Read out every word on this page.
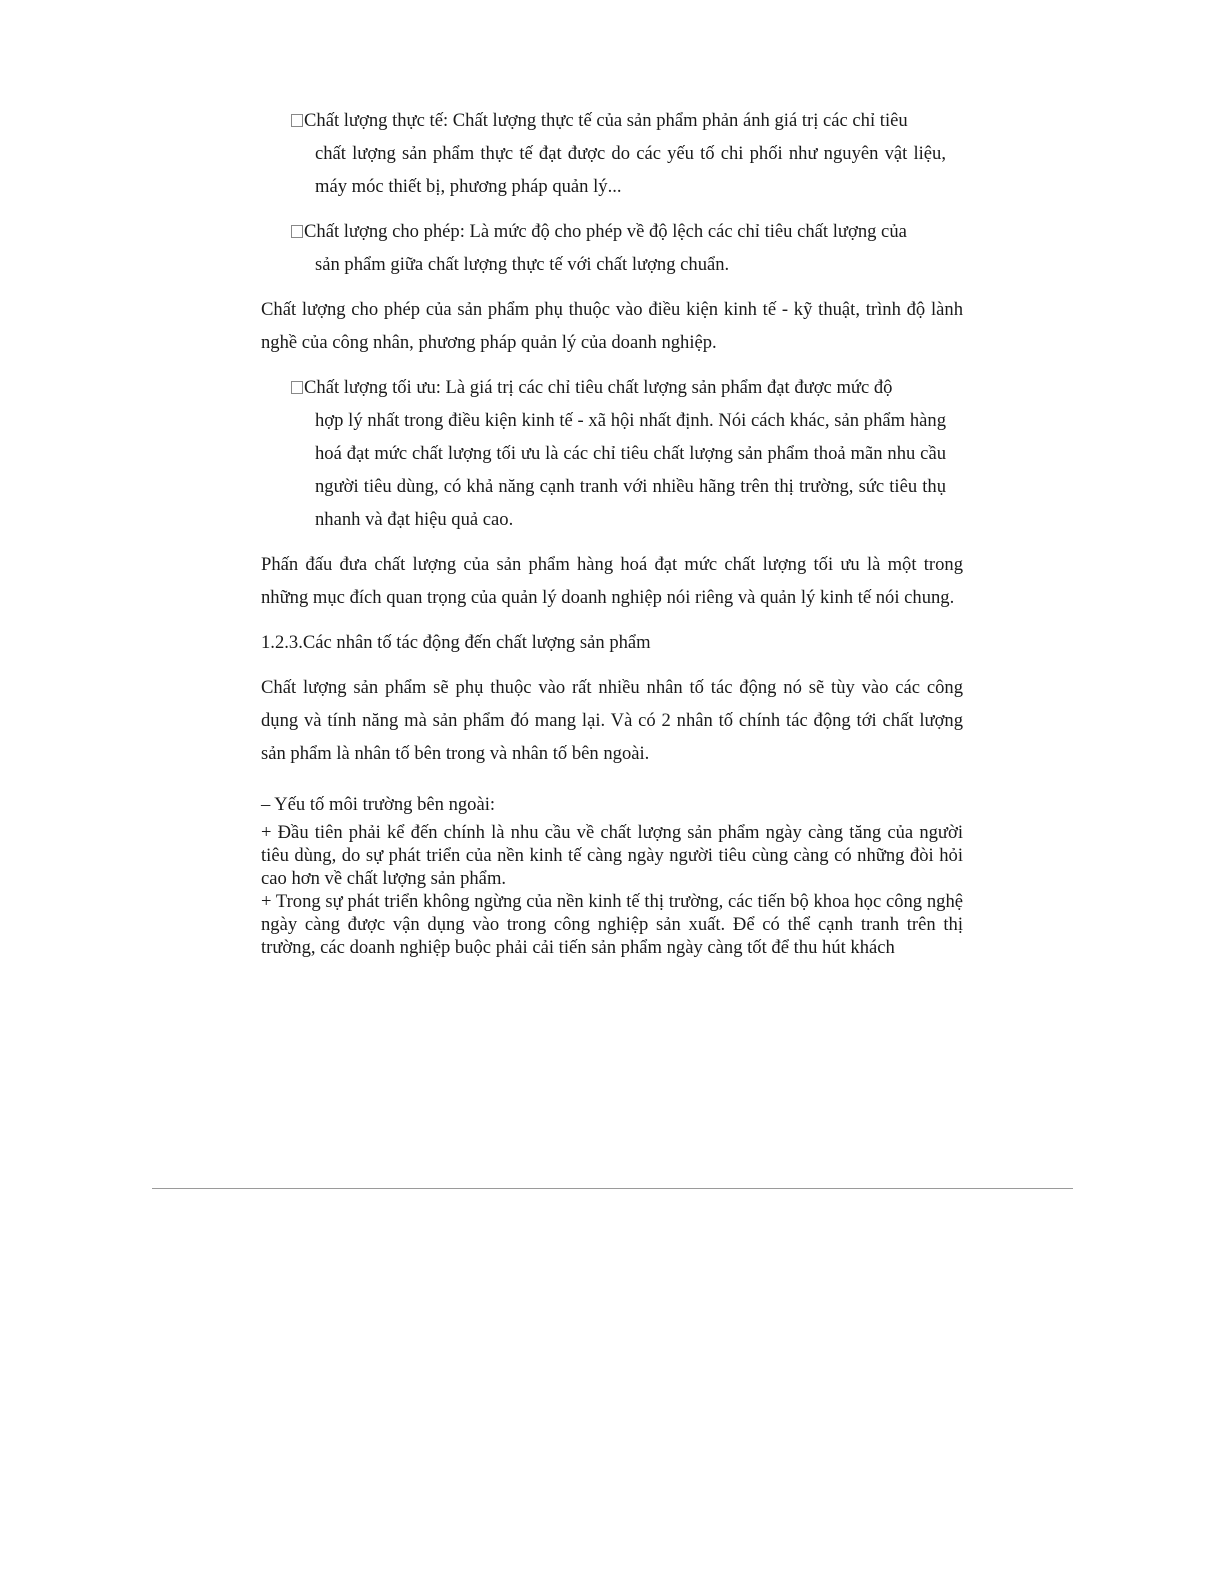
Chất lượng thực tế: Chất lượng thực tế của sản phẩm phản ánh giá trị các chỉ tiêu
chất lượng sản phẩm thực tế đạt được do các yếu tố chi phối như nguyên vật liệu, máy móc thiết bị, phương pháp quản lý...

Chất lượng cho phép: Là mức độ cho phép về độ lệch các chỉ tiêu chất lượng của
sản phẩm giữa chất lượng thực tế với chất lượng chuẩn.

Chất lượng cho phép của sản phẩm phụ thuộc vào điều kiện kinh tế - kỹ thuật, trình độ lành nghề của công nhân, phương pháp quản lý của doanh nghiệp.

Chất lượng tối ưu: Là giá trị các chỉ tiêu chất lượng sản phẩm đạt được mức độ
hợp lý nhất trong điều kiện kinh tế - xã hội nhất định. Nói cách khác, sản phẩm hàng hoá đạt mức chất lượng tối ưu là các chỉ tiêu chất lượng sản phẩm thoả mãn nhu cầu người tiêu dùng, có khả năng cạnh tranh với nhiều hãng trên thị trường, sức tiêu thụ nhanh và đạt hiệu quả cao.

Phấn đấu đưa chất lượng của sản phẩm hàng hoá đạt mức chất lượng tối ưu là một trong những mục đích quan trọng của quản lý doanh nghiệp nói riêng và quản lý kinh tế nói chung.

1.2.3.Các nhân tố tác động đến chất lượng sản phẩm

Chất lượng sản phẩm sẽ phụ thuộc vào rất nhiều nhân tố tác động nó sẽ tùy vào các công dụng và tính năng mà sản phẩm đó mang lại. Và có 2 nhân tố chính tác động tới chất lượng sản phẩm là nhân tố bên trong và nhân tố bên ngoài.

– Yếu tố môi trường bên ngoài:

+ Đầu tiên phải kể đến chính là nhu cầu về chất lượng sản phẩm ngày càng tăng của người tiêu dùng, do sự phát triển của nền kinh tế càng ngày người tiêu cùng càng có những đòi hỏi cao hơn về chất lượng sản phẩm.

+ Trong sự phát triển không ngừng của nền kinh tế thị trường, các tiến bộ khoa học công nghệ ngày càng được vận dụng vào trong công nghiệp sản xuất. Để có thể cạnh tranh trên thị trường, các doanh nghiệp buộc phải cải tiến sản phẩm ngày càng tốt để thu hút khách
